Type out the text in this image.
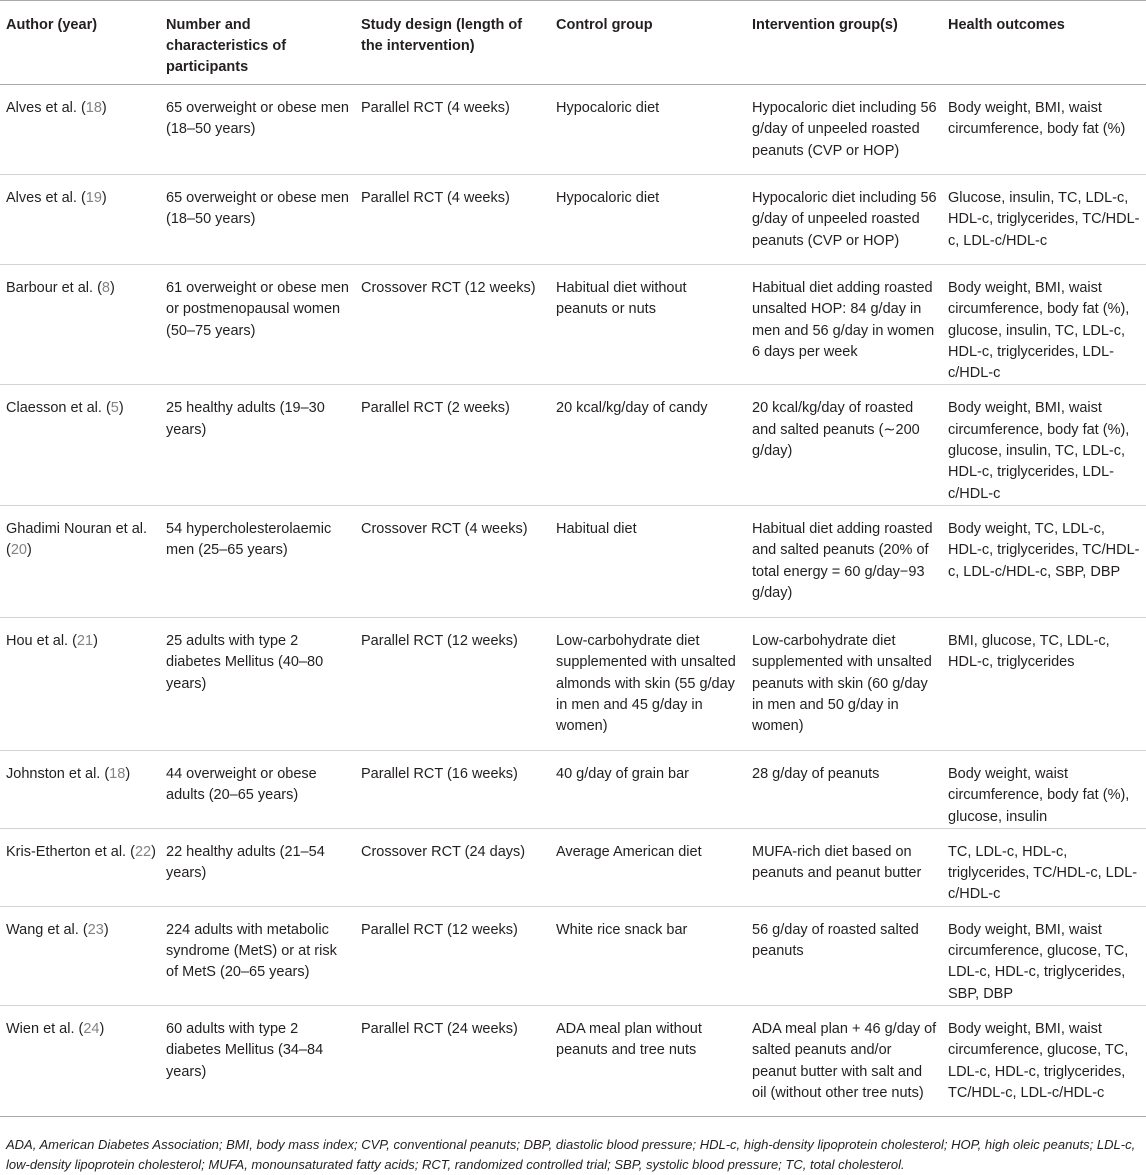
Author (year)	Number and characteristics of participants	Study design (length of the intervention)	Control group	Intervention group(s)	Health outcomes
Alves et al. (18)	65 overweight or obese men (18–50 years)	Parallel RCT (4 weeks)	Hypocaloric diet	Hypocaloric diet including 56 g/day of unpeeled roasted peanuts (CVP or HOP)	Body weight, BMI, waist circumference, body fat (%)
Alves et al. (19)	65 overweight or obese men (18–50 years)	Parallel RCT (4 weeks)	Hypocaloric diet	Hypocaloric diet including 56 g/day of unpeeled roasted peanuts (CVP or HOP)	Glucose, insulin, TC, LDL-c, HDL-c, triglycerides, TC/HDL-c, LDL-c/HDL-c
Barbour et al. (8)	61 overweight or obese men or postmenopausal women (50–75 years)	Crossover RCT (12 weeks)	Habitual diet without peanuts or nuts	Habitual diet adding roasted unsalted HOP: 84 g/day in men and 56 g/day in women 6 days per week	Body weight, BMI, waist circumference, body fat (%), glucose, insulin, TC, LDL-c, HDL-c, triglycerides, LDL-c/HDL-c
Claesson et al. (5)	25 healthy adults (19–30 years)	Parallel RCT (2 weeks)	20 kcal/kg/day of candy	20 kcal/kg/day of roasted and salted peanuts (∼200 g/day)	Body weight, BMI, waist circumference, body fat (%), glucose, insulin, TC, LDL-c, HDL-c, triglycerides, LDL-c/HDL-c
Ghadimi Nouran et al. (20)	54 hypercholesterolaemic men (25–65 years)	Crossover RCT (4 weeks)	Habitual diet	Habitual diet adding roasted and salted peanuts (20% of total energy = 60 g/day−93 g/day)	Body weight, TC, LDL-c, HDL-c, triglycerides, TC/HDL-c, LDL-c/HDL-c, SBP, DBP
Hou et al. (21)	25 adults with type 2 diabetes Mellitus (40–80 years)	Parallel RCT (12 weeks)	Low-carbohydrate diet supplemented with unsalted almonds with skin (55 g/day in men and 45 g/day in women)	Low-carbohydrate diet supplemented with unsalted peanuts with skin (60 g/day in men and 50 g/day in women)	BMI, glucose, TC, LDL-c, HDL-c, triglycerides
Johnston et al. (18)	44 overweight or obese adults (20–65 years)	Parallel RCT (16 weeks)	40 g/day of grain bar	28 g/day of peanuts	Body weight, waist circumference, body fat (%), glucose, insulin
Kris-Etherton et al. (22)	22 healthy adults (21–54 years)	Crossover RCT (24 days)	Average American diet	MUFA-rich diet based on peanuts and peanut butter	TC, LDL-c, HDL-c, triglycerides, TC/HDL-c, LDL-c/HDL-c
Wang et al. (23)	224 adults with metabolic syndrome (MetS) or at risk of MetS (20–65 years)	Parallel RCT (12 weeks)	White rice snack bar	56 g/day of roasted salted peanuts	Body weight, BMI, waist circumference, glucose, TC, LDL-c, HDL-c, triglycerides, SBP, DBP
Wien et al. (24)	60 adults with type 2 diabetes Mellitus (34–84 years)	Parallel RCT (24 weeks)	ADA meal plan without peanuts and tree nuts	ADA meal plan + 46 g/day of salted peanuts and/or peanut butter with salt and oil (without other tree nuts)	Body weight, BMI, waist circumference, glucose, TC, LDL-c, HDL-c, triglycerides, TC/HDL-c, LDL-c/HDL-c
ADA, American Diabetes Association; BMI, body mass index; CVP, conventional peanuts; DBP, diastolic blood pressure; HDL-c, high-density lipoprotein cholesterol; HOP, high oleic peanuts; LDL-c, low-density lipoprotein cholesterol; MUFA, monounsaturated fatty acids; RCT, randomized controlled trial; SBP, systolic blood pressure; TC, total cholesterol.
